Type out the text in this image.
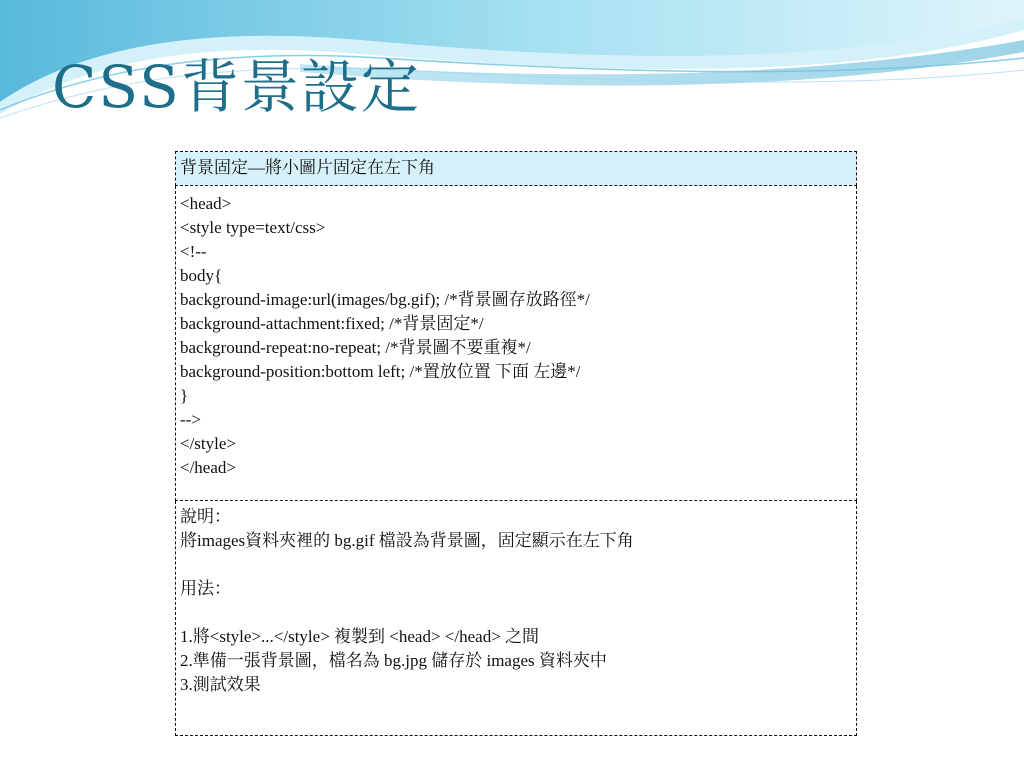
CSS背景設定
背景固定—將小圖片固定在左下角

<head>
<style type=text/css>
<!--
body{
background-image:url(images/bg.gif); /*背景圖存放路徑*/
background-attachment:fixed; /*背景固定*/
background-repeat:no-repeat; /*背景圖不要重複*/
background-position:bottom left; /*置放位置 下面 左邊*/
}
-->
</style>
</head>

說明：
將images資料夾裡的 bg.gif 檔設為背景圖，固定顯示在左下角
用法：
1.將<style>...</style> 複製到 <head> </head> 之間
2.準備一張背景圖，檔名為 bg.jpg 儲存於 images 資料夾中
3.測試效果
